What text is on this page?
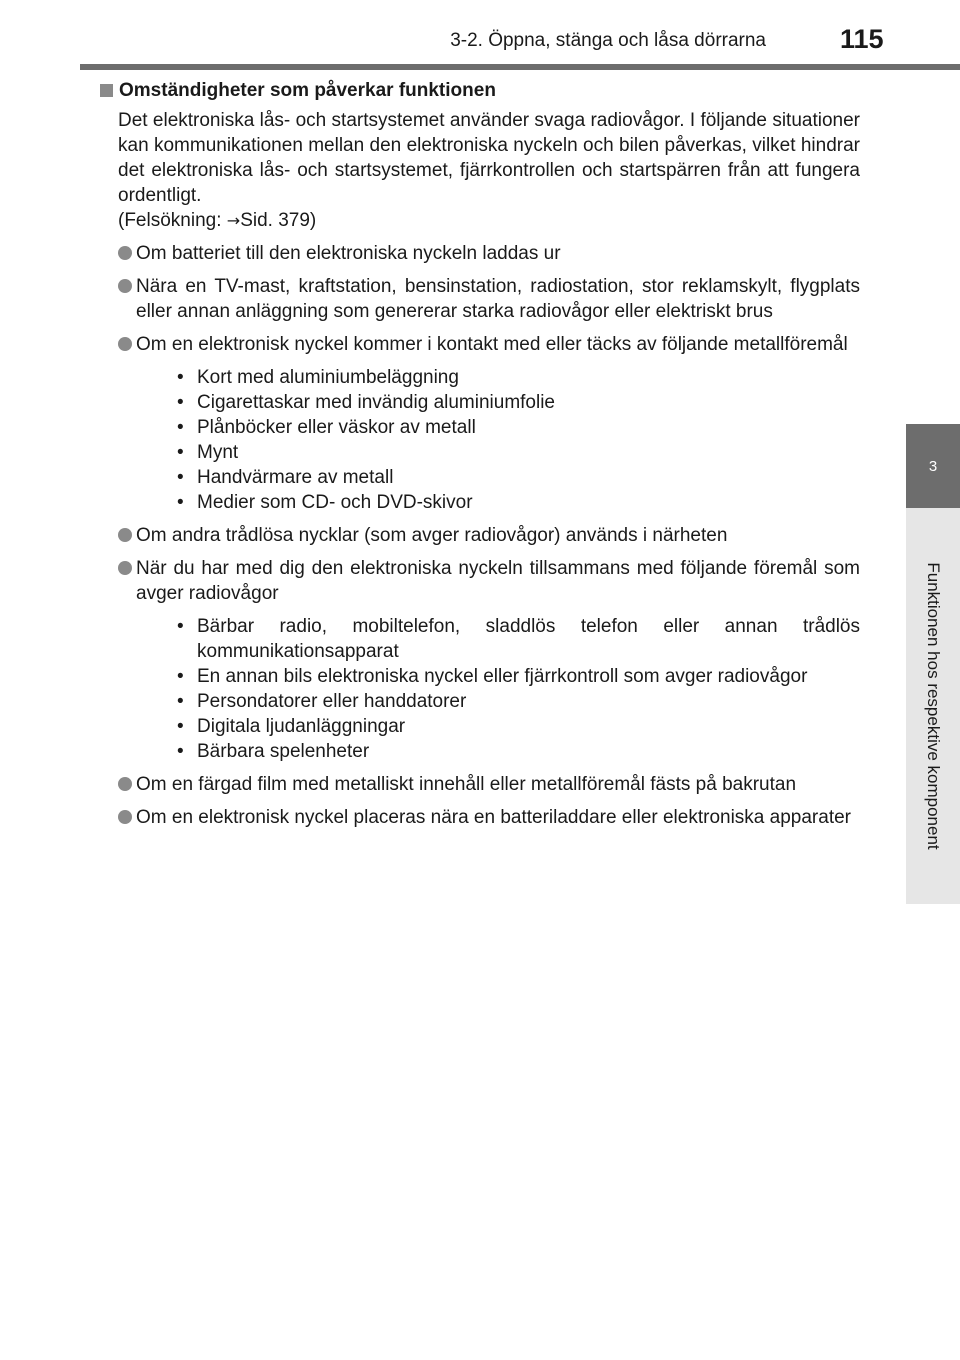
3-2. Öppna, stänga och låsa dörrarna	115
3
Funktionen hos respektive komponent
Omständigheter som påverkar funktionen
Det elektroniska lås- och startsystemet använder svaga radiovågor. I följande situationer kan kommunikationen mellan den elektroniska nyckeln och bilen påverkas, vilket hindrar det elektroniska lås- och startsystemet, fjärrkontrollen och startspärren från att fungera ordentligt.
(Felsökning: →Sid. 379)
Om batteriet till den elektroniska nyckeln laddas ur
Nära en TV-mast, kraftstation, bensinstation, radiostation, stor reklamskylt, flygplats eller annan anläggning som genererar starka radiovågor eller elektriskt brus
Om en elektronisk nyckel kommer i kontakt med eller täcks av följande metallföremål
• Kort med aluminiumbeläggning
• Cigarettaskar med invändig aluminiumfolie
• Plånböcker eller väskor av metall
• Mynt
• Handvärmare av metall
• Medier som CD- och DVD-skivor
Om andra trådlösa nycklar (som avger radiovågor) används i närheten
När du har med dig den elektroniska nyckeln tillsammans med följande föremål som avger radiovågor
• Bärbar radio, mobiltelefon, sladdlös telefon eller annan trådlös kommunikationsapparat
• En annan bils elektroniska nyckel eller fjärrkontroll som avger radiovågor
• Persondatorer eller handdatorer
• Digitala ljudanläggningar
• Bärbara spelenheter
Om en färgad film med metalliskt innehåll eller metallföremål fästs på bakrutan
Om en elektronisk nyckel placeras nära en batteriladdare eller elektroniska apparater
